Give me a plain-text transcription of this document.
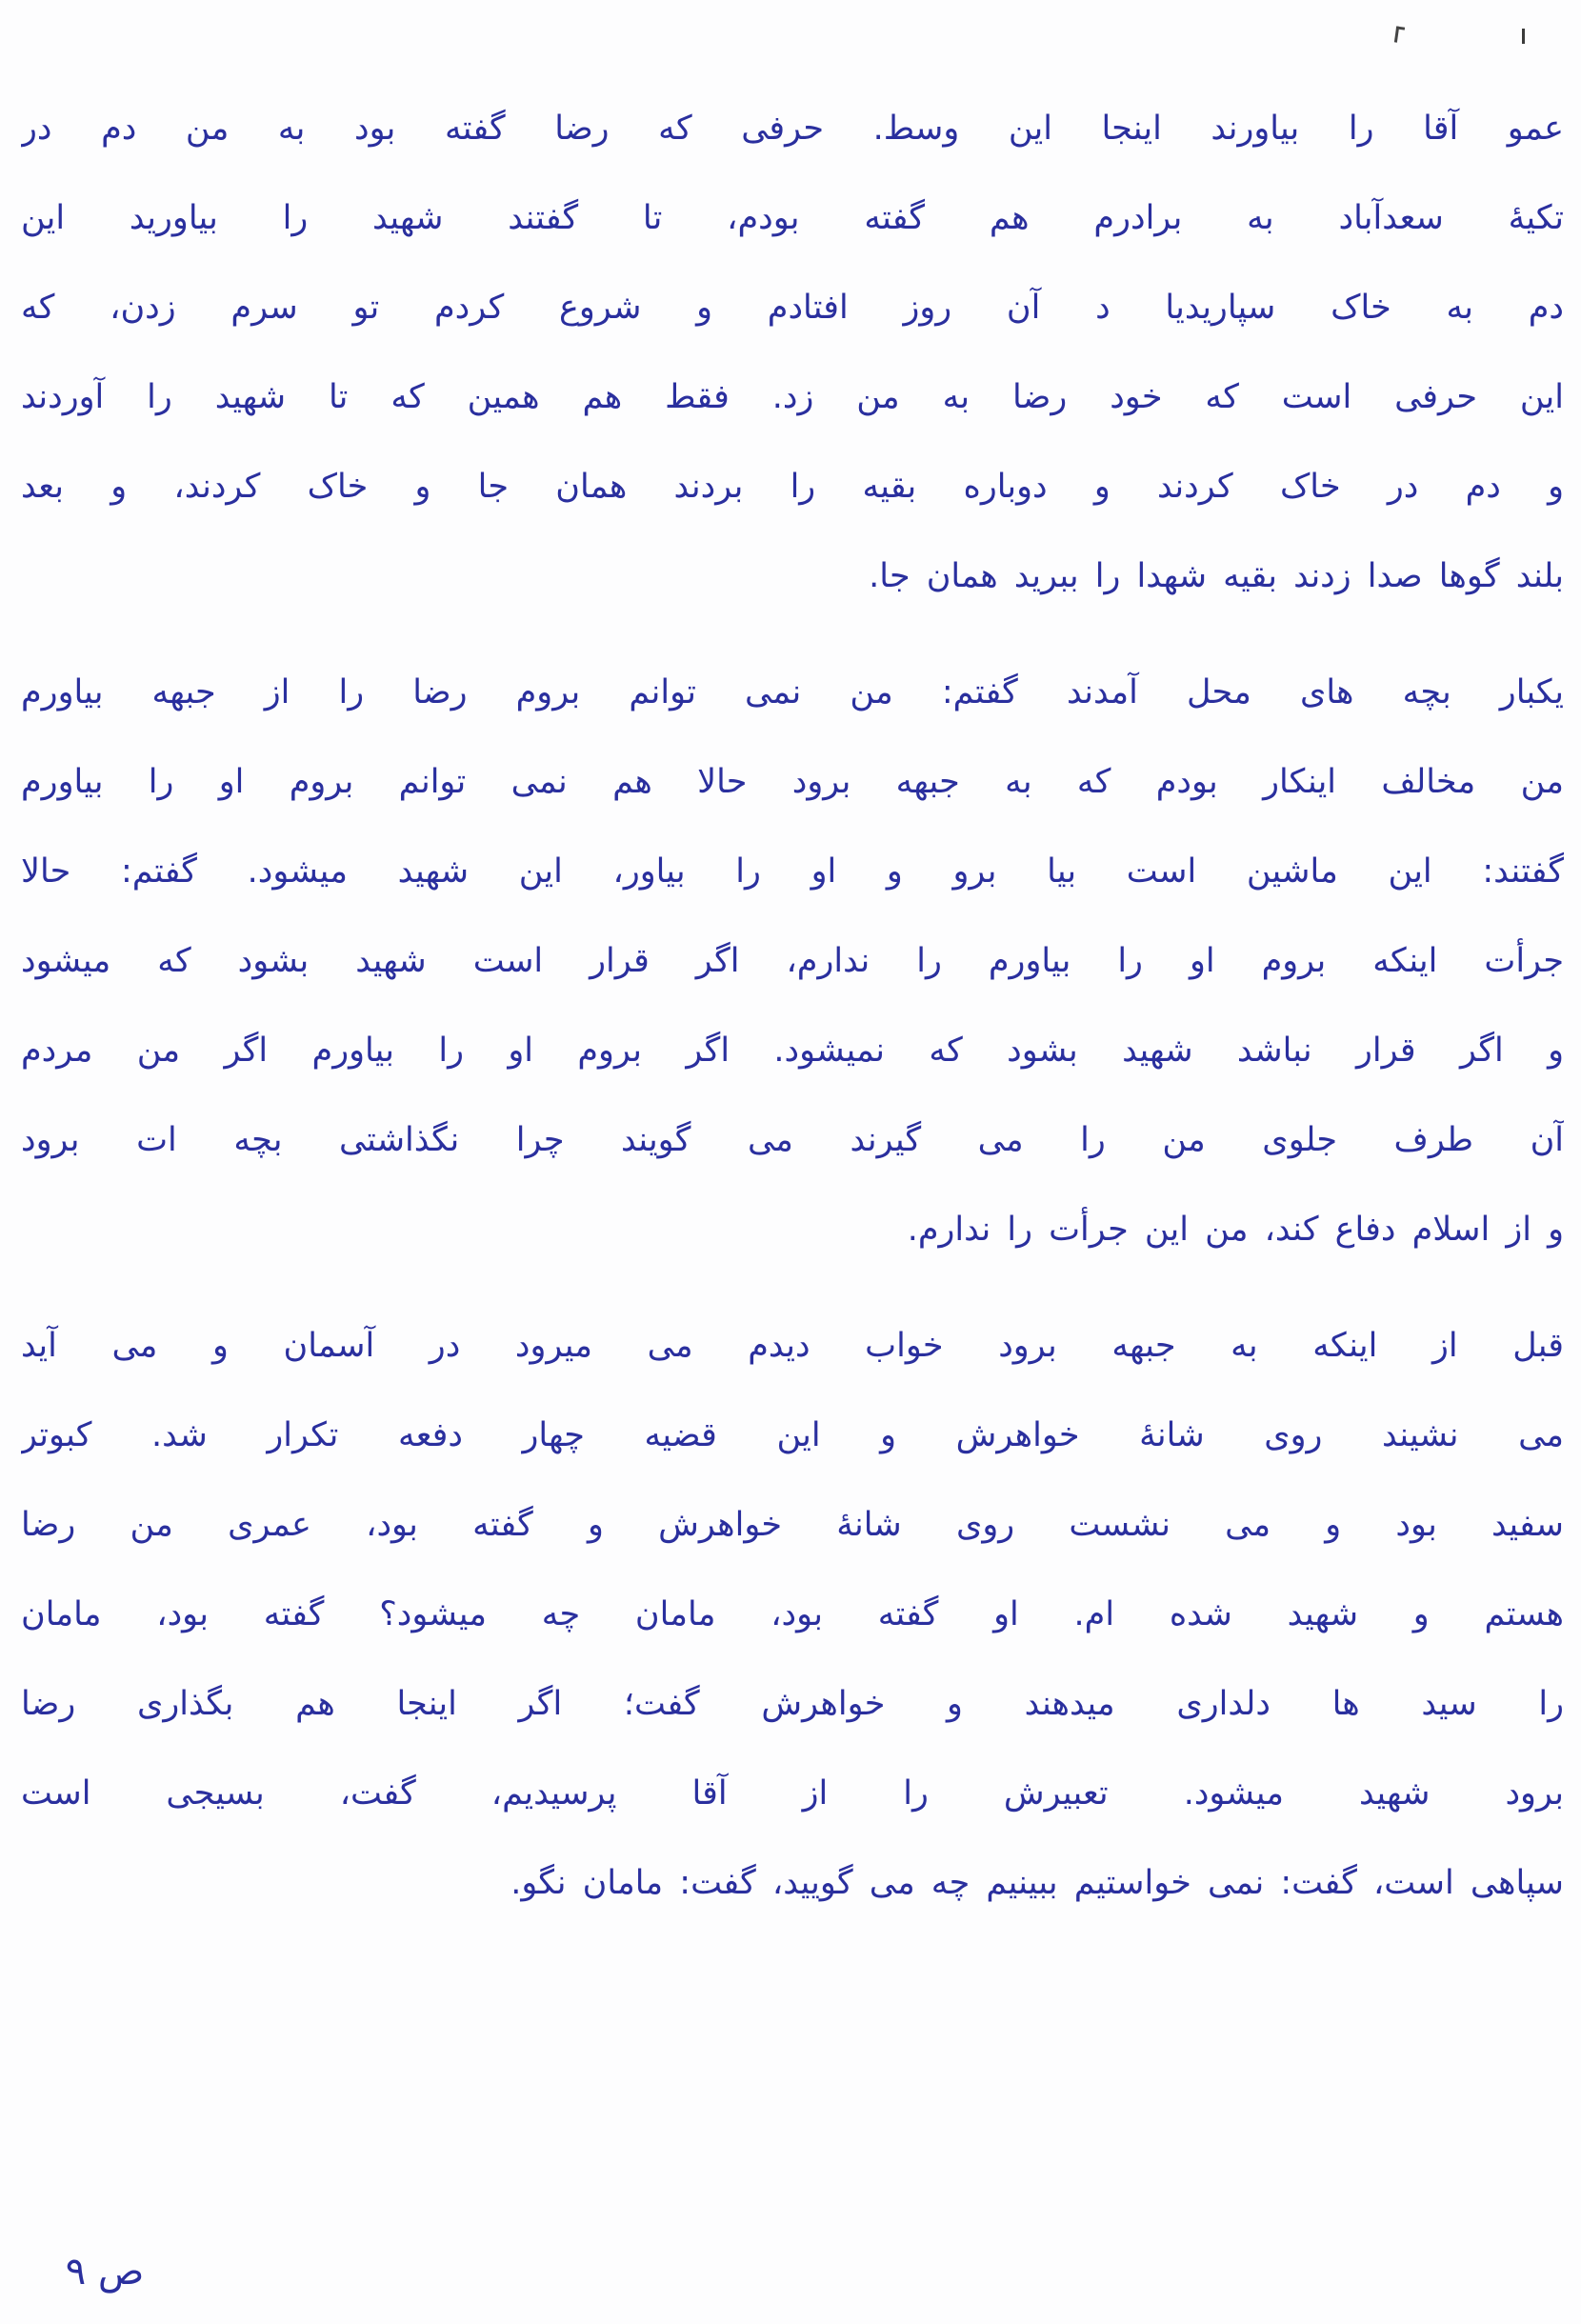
عمو آقا را بیاورند اینجا این وسط. حرفی که رضا گفته بود به من دم در
تکیهٔ سعدآباد به برادرم هم گفته بودم، تا گفتند شهید را بیاورید این
دم به خاک سپاریدیا د آن روز افتادم و شروع کردم تو سرم زدن، که
این حرفی است که خود رضا به من زد. فقط هم همین که تا شهید را آوردند
و دم در خاک کردند و دوباره بقیه را بردند همان جا و خاک کردند، و بعد
بلند گوها صدا زدند بقیه شهدا را ببرید همان جا.
یکبار بچه های محل آمدند گفتم: من نمی توانم بروم رضا را از جبهه بیاورم
من مخالف اینکار بودم که به جبهه برود حالا هم نمی توانم بروم او را بیاورم
گفتند: این ماشین است بیا برو و او را بیاور، این شهید میشود. گفتم: حالا
جرأت اینکه بروم او را بیاورم را ندارم، اگر قرار است شهید بشود که میشود
و اگر قرار نباشد شهید بشود که نمیشود. اگر بروم او را بیاورم اگر من مردم
آن طرف جلوی من را می گیرند می گویند چرا نگذاشتی بچه ات برود
و از اسلام دفاع کند، من این جرأت را ندارم.
قبل از اینکه به جبهه برود خواب دیدم می میرود در آسمان و می آید
می نشیند روی شانهٔ خواهرش و این قضیه چهار دفعه تکرار شد. کبوتر
سفید بود و می نشست روی شانهٔ خواهرش و گفته بود، عمری من رضا
هستم و شهید شده ام. او گفته بود، مامان چه میشود؟ گفته بود، مامان
را سید ها دلداری میدهند و خواهرش گفت؛ اگر اینجا هم بگذاری رضا
برود شهید میشود. تعبیرش را از آقا پرسیدیم، گفت، بسیجی است
سپاهی است، گفت: نمی خواستیم ببینیم چه می گویید، گفت: مامان نگو.
ص ۹
